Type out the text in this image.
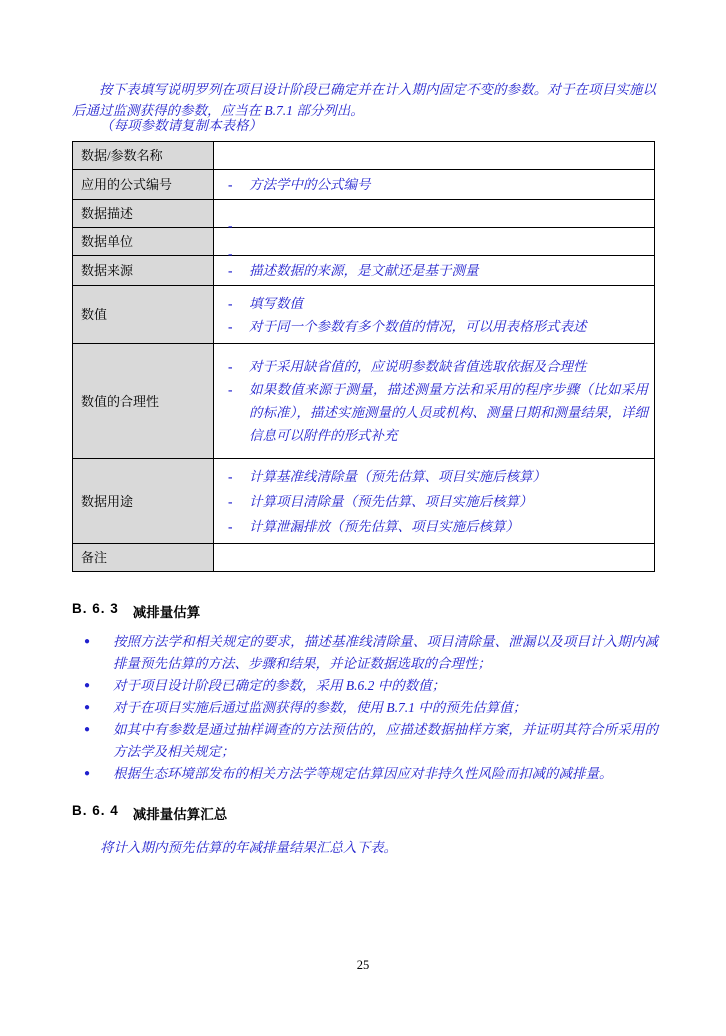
按下表填写说明罗列在项目设计阶段已确定并在计入期内固定不变的参数。对于在项目实施以后通过监测获得的参数，应当在 B.7.1 部分列出。
（每项参数请复制本表格）
数据/参数名称	
应用的公式编号	- 方法学中的公式编号

数据描述	

数据单位	

数据来源	- 描述数据的来源，是文献还是基于测量

数值	- 填写数值
- 对于同一个参数有多个数值的情况，可以用表格形式表述

数值的合理性	- 对于采用缺省值的，应说明参数缺省值选取依据及合理性
- 如果数值来源于测量，描述测量方法和采用的程序步骤（比如采用的标准），描述实施测量的人员或机构、测量日期和测量结果，详细信息可以附件的形式补充

数据用途	- 计算基准线清除量（预先估算、项目实施后核算）
- 计算项目清除量（预先估算、项目实施后核算）
- 计算泄漏排放（预先估算、项目实施后核算）

备注	
B. 6. 3 减排量估算
● 按照方法学和相关规定的要求，描述基准线清除量、项目清除量、泄漏以及项目计入期内减排量预先估算的方法、步骤和结果，并论证数据选取的合理性；
● 对于项目设计阶段已确定的参数，采用 B.6.2 中的数值；
● 对于在项目实施后通过监测获得的参数，使用 B.7.1 中的预先估算值；
● 如其中有参数是通过抽样调查的方法预估的，应描述数据抽样方案，并证明其符合所采用的方法学及相关规定；
● 根据生态环境部发布的相关方法学等规定估算因应对非持久性风险而扣减的减排量。
B. 6. 4 减排量估算汇总
将计入期内预先估算的年减排量结果汇总入下表。
25
